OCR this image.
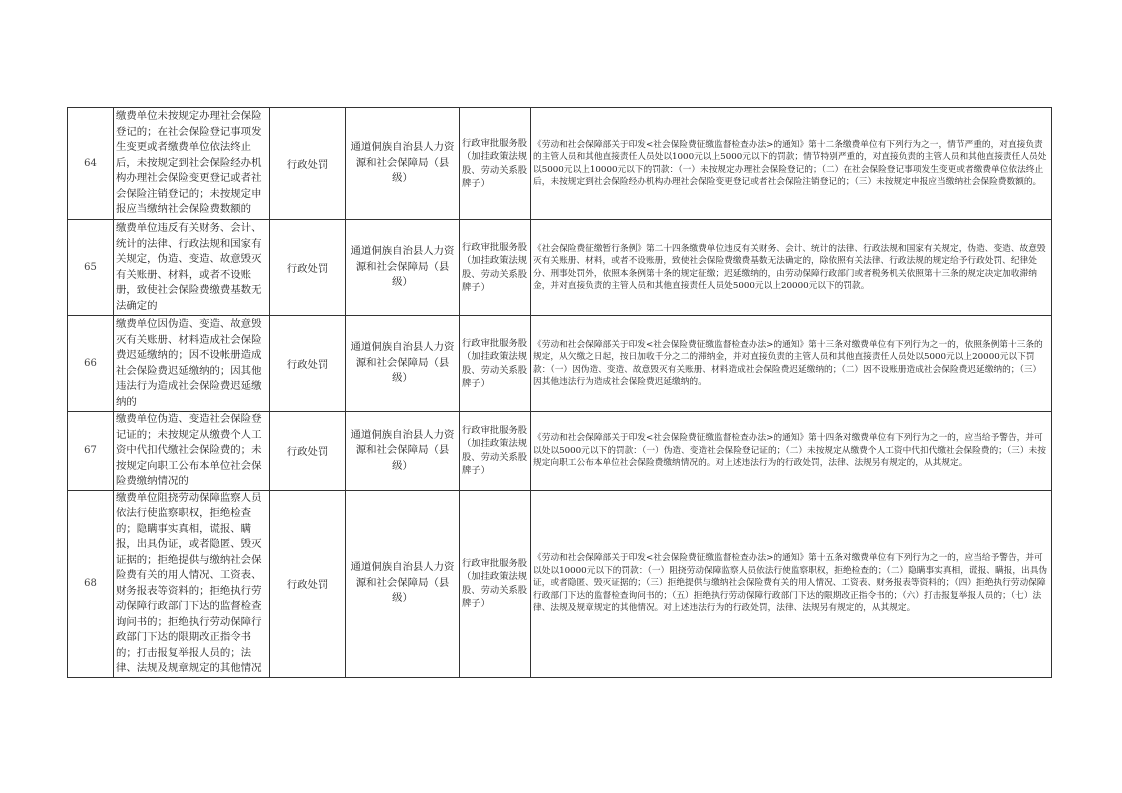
64	缴费单位未按规定办理社会保险登记的；在社会保险登记事项发生变更或者缴费单位依法终止后，未按规定到社会保险经办机构办理社会保险变更登记或者社会保险注销登记的；未按规定申报应当缴纳社会保险费数额的	行政处罚	通道侗族自治县人力资源和社会保障局（县级）	行政审批服务股（加挂政策法规股、劳动关系股牌子）	《劳动和社会保障部关于印发<社会保险费征缴监督检查办法>的通知》第十二条缴费单位有下列行为之一，情节严重的，对直接负责的主管人员和其他直接责任人员处以1000元以上5000元以下的罚款；情节特别严重的，对直接负责的主管人员和其他直接责任人员处以5000元以上10000元以下的罚款：（一）未按规定办理社会保险登记的；（二）在社会保险登记事项发生变更或者缴费单位依法终止后，未按规定到社会保险经办机构办理社会保险变更登记或者社会保险注销登记的；（三）未按规定申报应当缴纳社会保险费数额的。
65	缴费单位违反有关财务、会计、统计的法律、行政法规和国家有关规定，伪造、变造、故意毁灭有关账册、材料，或者不设账册，致使社会保险费缴费基数无法确定的	行政处罚	通道侗族自治县人力资源和社会保障局（县级）	行政审批服务股（加挂政策法规股、劳动关系股牌子）	《社会保险费征缴暂行条例》第二十四条缴费单位违反有关财务、会计、统计的法律、行政法规和国家有关规定，伪造、变造、故意毁灭有关账册、材料，或者不设账册，致使社会保险费缴费基数无法确定的，除依照有关法律、行政法规的规定给予行政处罚、纪律处分、刑事处罚外，依照本条例第十条的规定征缴；迟延缴纳的，由劳动保障行政部门或者税务机关依照第十三条的规定决定加收滞纳金，并对直接负责的主管人员和其他直接责任人员处5000元以上20000元以下的罚款。
66	缴费单位因伪造、变造、故意毁灭有关账册、材料造成社会保险费迟延缴纳的；因不设帐册造成社会保险费迟延缴纳的；因其他违法行为造成社会保险费迟延缴纳的	行政处罚	通道侗族自治县人力资源和社会保障局（县级）	行政审批服务股（加挂政策法规股、劳动关系股牌子）	《劳动和社会保障部关于印发<社会保险费征缴监督检查办法>的通知》第十三条对缴费单位有下列行为之一的，依照条例第十三条的规定，从欠缴之日起，按日加收千分之二的滞纳金，并对直接负责的主管人员和其他直接责任人员处以5000元以上20000元以下罚款：（一）因伪造、变造、故意毁灭有关账册、材料造成社会保险费迟延缴纳的；（二）因不设账册造成社会保险费迟延缴纳的；（三）因其他违法行为造成社会保险费迟延缴纳的。
67	缴费单位伪造、变造社会保险登记证的；未按规定从缴费个人工资中代扣代缴社会保险费的；未按规定向职工公布本单位社会保险费缴纳情况的	行政处罚	通道侗族自治县人力资源和社会保障局（县级）	行政审批服务股（加挂政策法规股、劳动关系股牌子）	《劳动和社会保障部关于印发<社会保险费征缴监督检查办法>的通知》第十四条对缴费单位有下列行为之一的，应当给予警告，并可以处以5000元以下的罚款：（一）伪造、变造社会保险登记证的；（二）未按规定从缴费个人工资中代扣代缴社会保险费的；（三）未按规定向职工公布本单位社会保险费缴纳情况的。对上述违法行为的行政处罚，法律、法规另有规定的，从其规定。
68	缴费单位阻挠劳动保障监察人员依法行使监察职权，拒绝检查的；隐瞒事实真相，谎报、瞒报，出具伪证，或者隐匿、毁灭证据的；拒绝提供与缴纳社会保险费有关的用人情况、工资表、财务报表等资料的；拒绝执行劳动保障行政部门下达的监督检查询问书的；拒绝执行劳动保障行政部门下达的限期改正指令书的；打击报复举报人员的；法律、法规及规章规定的其他情况	行政处罚	通道侗族自治县人力资源和社会保障局（县级）	行政审批服务股（加挂政策法规股、劳动关系股牌子）	《劳动和社会保障部关于印发<社会保险费征缴监督检查办法>的通知》第十五条对缴费单位有下列行为之一的，应当给予警告，并可以处以10000元以下的罚款：（一）阻挠劳动保障监察人员依法行使监察职权，拒绝检查的；（二）隐瞒事实真相，谎报、瞒报，出具伪证，或者隐匿、毁灭证据的；（三）拒绝提供与缴纳社会保险费有关的用人情况、工资表、财务报表等资料的；（四）拒绝执行劳动保障行政部门下达的监督检查询问书的；（五）拒绝执行劳动保障行政部门下达的限期改正指令书的；（六）打击报复举报人员的；（七）法律、法规及规章规定的其他情况。对上述违法行为的行政处罚，法律、法规另有规定的，从其规定。
